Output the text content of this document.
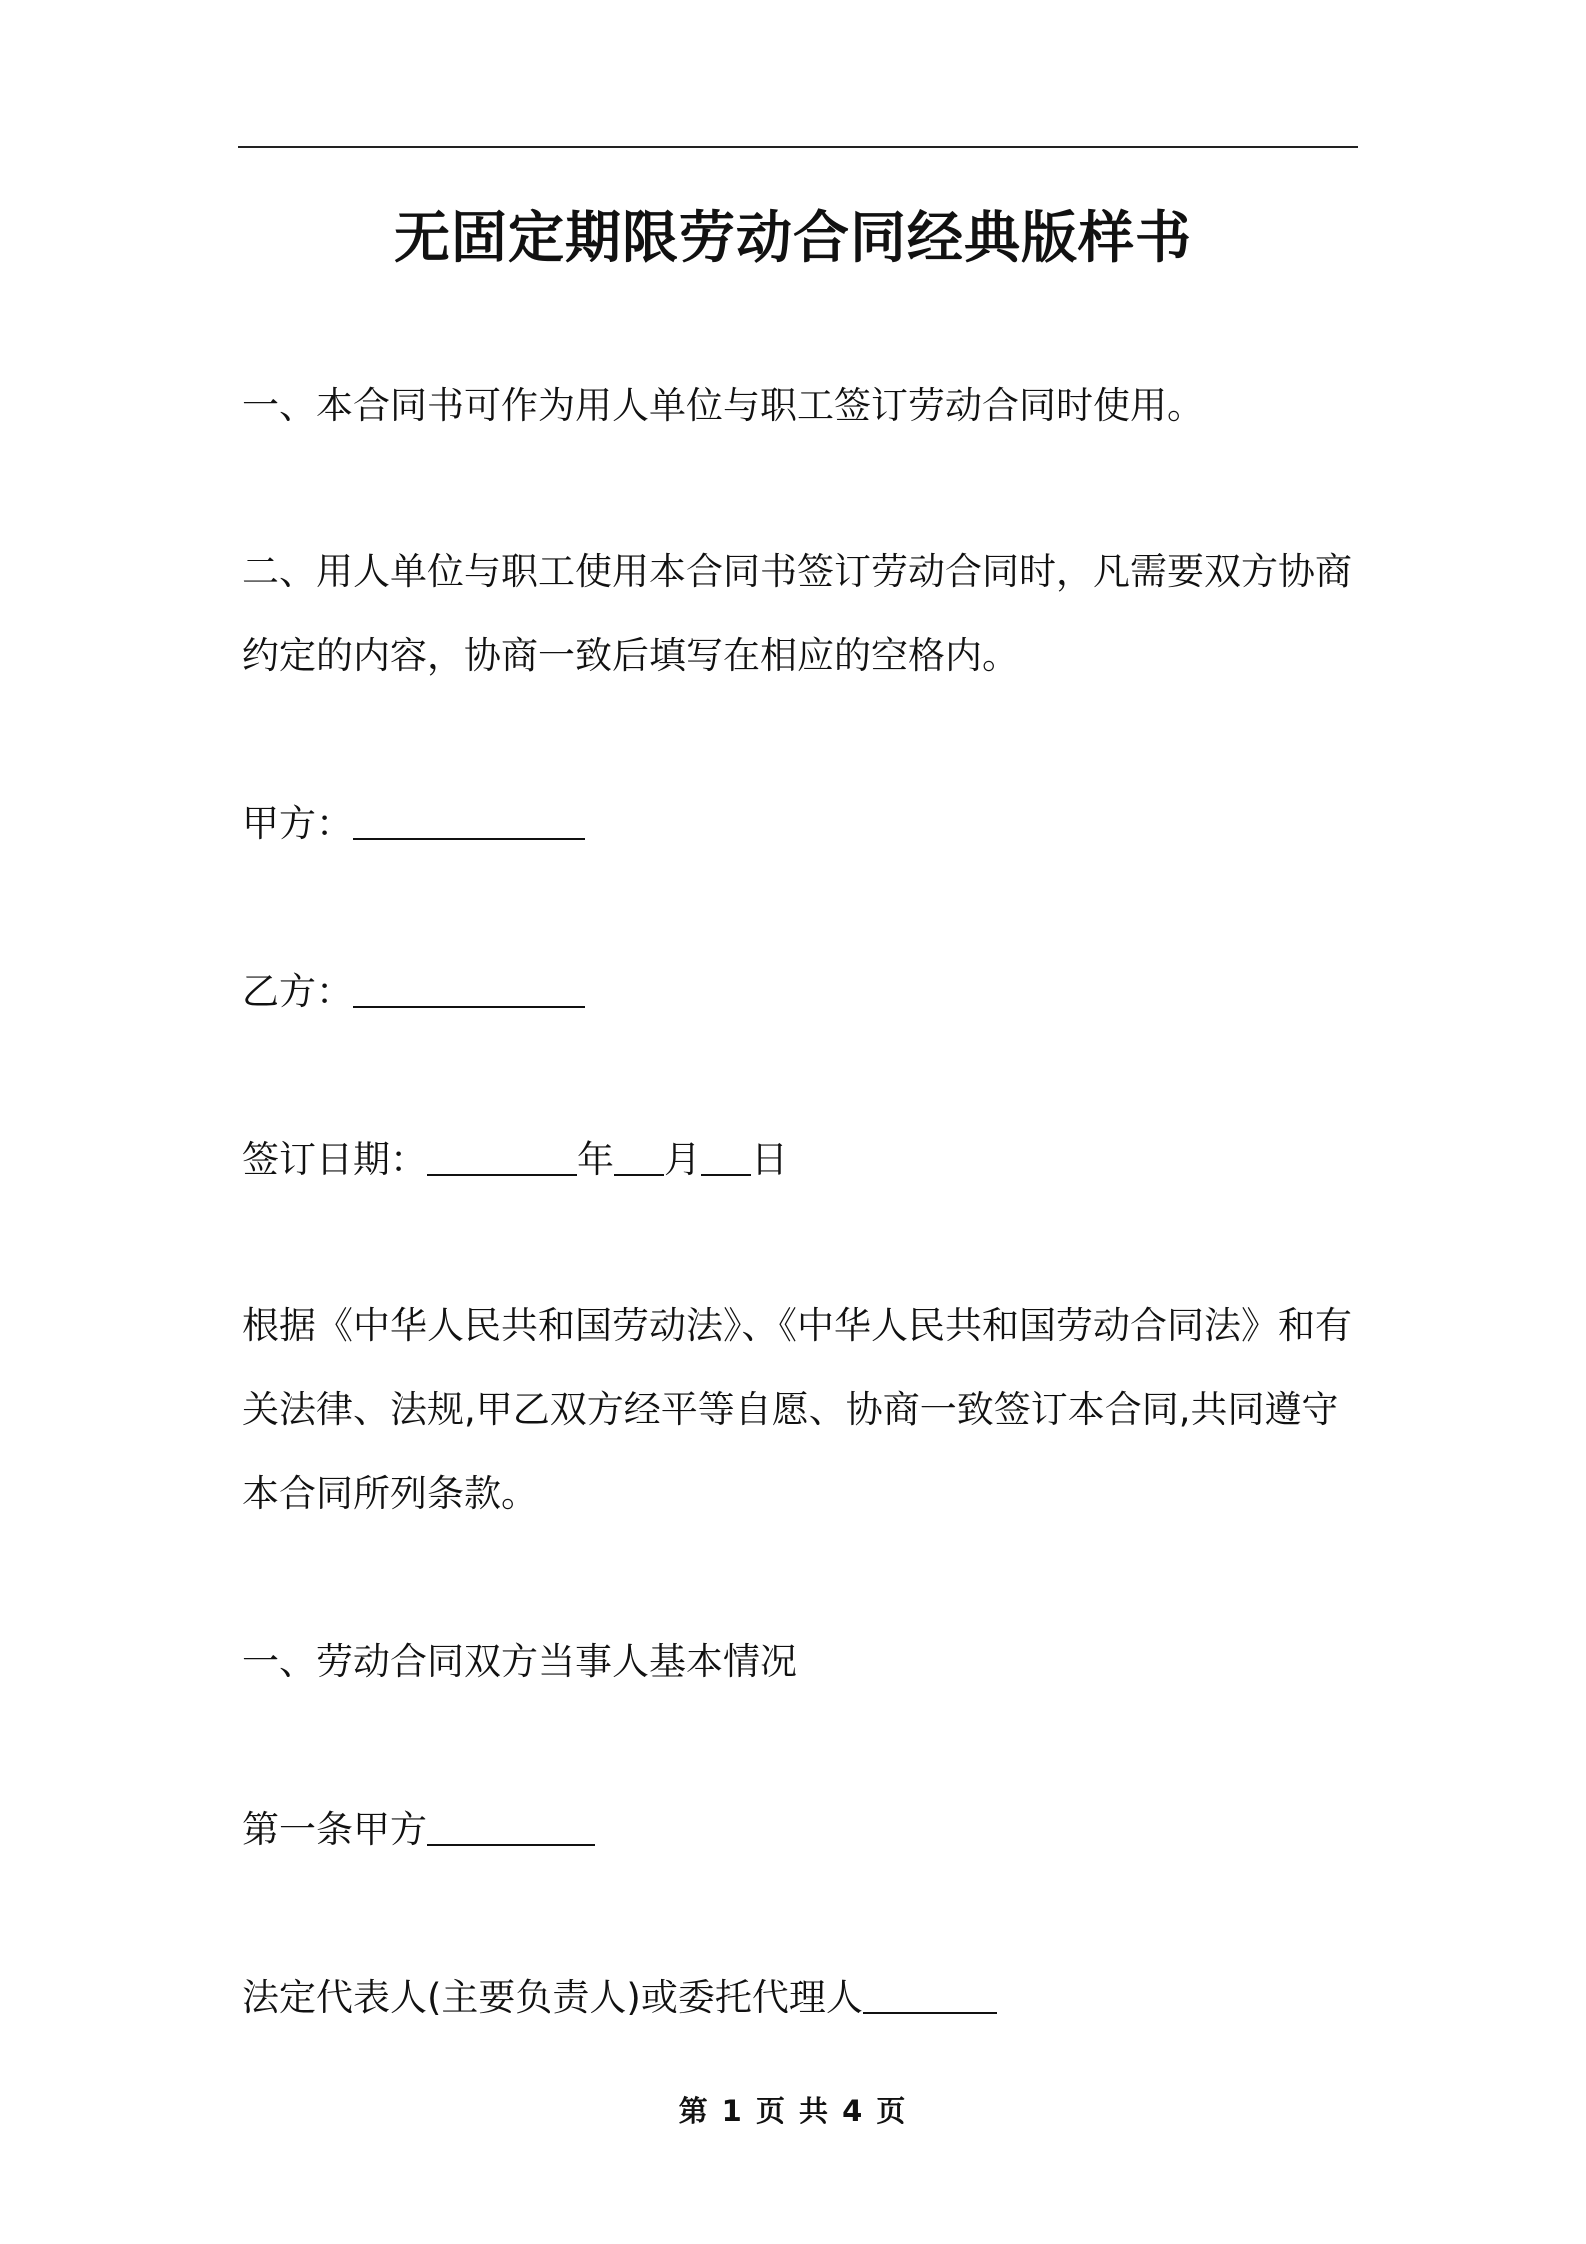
无固定期限劳动合同经典版样书
一、本合同书可作为用人单位与职工签订劳动合同时使用。
二、用人单位与职工使用本合同书签订劳动合同时，凡需要双方协商
约定的内容，协商一致后填写在相应的空格内。
甲方：
乙方：
签订日期：	年 月 日
根据《中华人民共和国劳动法》、《中华人民共和国劳动合同法》和有
关法律、法规,甲乙双方经平等自愿、协商一致签订本合同,共同遵守
本合同所列条款。
一、劳动合同双方当事人基本情况
第一条甲方
法定代表人(主要负责人)或委托代理人
第 1 页 共 4 页
